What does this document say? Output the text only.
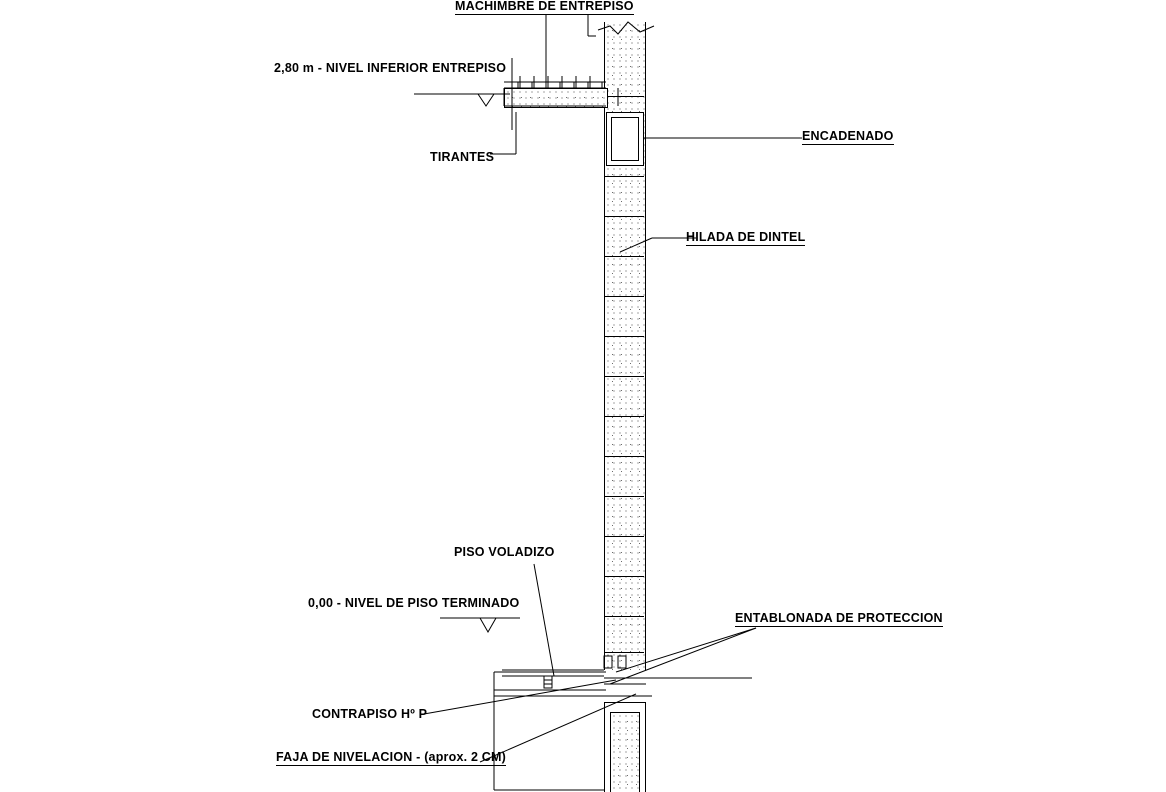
MACHIMBRE DE ENTREPISO
2,80 m - NIVEL INFERIOR ENTREPISO
TIRANTES
ENCADENADO
HILADA DE DINTEL
PISO VOLADIZO
0,00 - NIVEL DE PISO TERMINADO
ENTABLONADA DE PROTECCION
CONTRAPISO Hº P
FAJA DE NIVELACION - (aprox. 2 CM)
